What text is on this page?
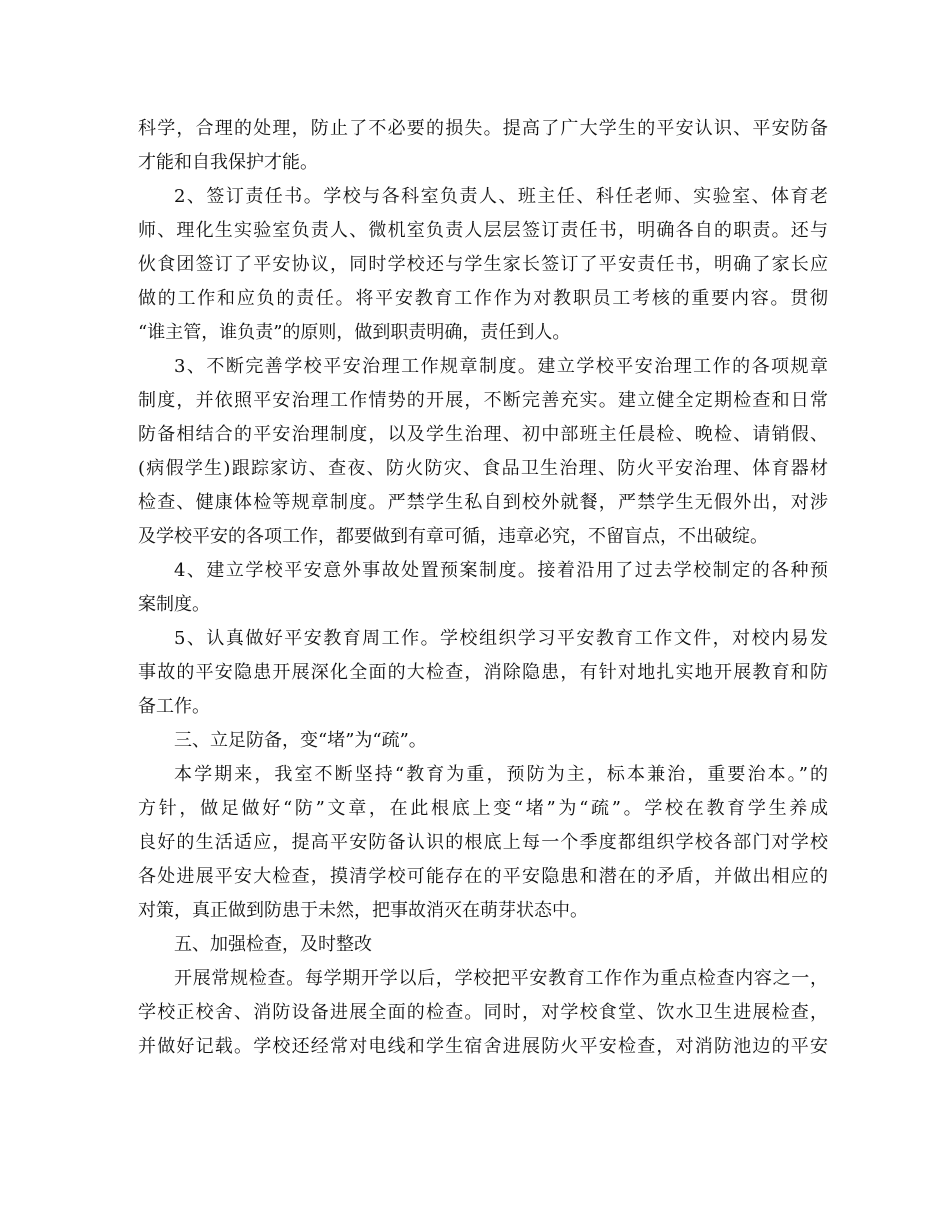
科学，合理的处理，防止了不必要的损失。提高了广大学生的平安认识、平安防备
才能和自我保护才能。
2、签订责任书。学校与各科室负责人、班主任、科任老师、实验室、体育老
师、理化生实验室负责人、微机室负责人层层签订责任书，明确各自的职责。还与
伙食团签订了平安协议，同时学校还与学生家长签订了平安责任书，明确了家长应
做的工作和应负的责任。将平安教育工作作为对教职员工考核的重要内容。贯彻
“谁主管，谁负责”的原则，做到职责明确，责任到人。
3、不断完善学校平安治理工作规章制度。建立学校平安治理工作的各项规章
制度，并依照平安治理工作情势的开展，不断完善充实。建立健全定期检查和日常
防备相结合的平安治理制度，以及学生治理、初中部班主任晨检、晚检、请销假、
(病假学生)跟踪家访、查夜、防火防灾、食品卫生治理、防火平安治理、体育器材
检查、健康体检等规章制度。严禁学生私自到校外就餐，严禁学生无假外出，对涉
及学校平安的各项工作，都要做到有章可循，违章必究，不留盲点，不出破绽。
4、建立学校平安意外事故处置预案制度。接着沿用了过去学校制定的各种预
案制度。
5、认真做好平安教育周工作。学校组织学习平安教育工作文件，对校内易发
事故的平安隐患开展深化全面的大检查，消除隐患，有针对地扎实地开展教育和防
备工作。
三、立足防备，变“堵”为“疏”。
本学期来，我室不断坚持“教育为重，预防为主，标本兼治，重要治本。”的
方针，做足做好“防”文章，在此根底上变“堵”为“疏”。学校在教育学生养成
良好的生活适应，提高平安防备认识的根底上每一个季度都组织学校各部门对学校
各处进展平安大检查，摸清学校可能存在的平安隐患和潜在的矛盾，并做出相应的
对策，真正做到防患于未然，把事故消灭在萌芽状态中。
五、加强检查，及时整改
开展常规检查。每学期开学以后，学校把平安教育工作作为重点检查内容之一，
学校正校舍、消防设备进展全面的检查。同时，对学校食堂、饮水卫生进展检查，
并做好记载。学校还经常对电线和学生宿舍进展防火平安检查，对消防池边的平安
